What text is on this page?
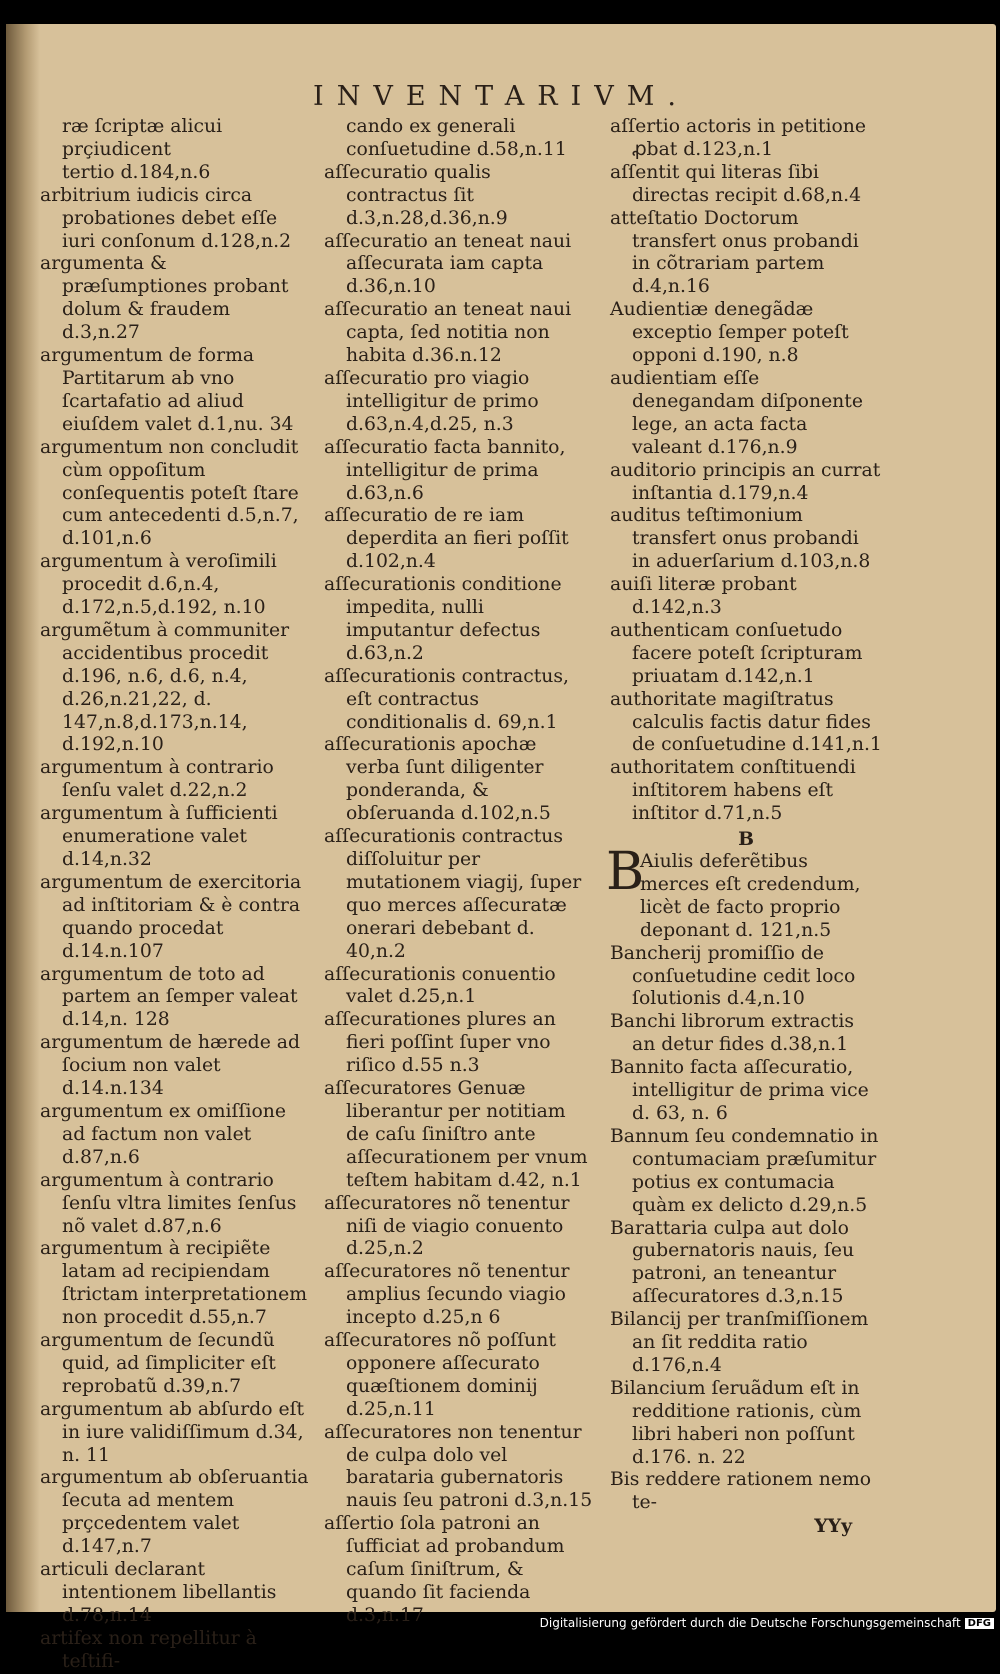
INVENTARIVM.

ræ ſcriptæ alicui prçiudicent

tertio d.184,n.6

arbitrium iudicis circa probationes debet eſſe iuri conſonum d.128,n.2

argumenta & præſumptiones probant dolum & fraudem d.3,n.27

argumentum de forma Partitarum ab vno ſcartafatio ad aliud eiuſdem valet d.1,nu. 34

argumentum non concludit cùm oppoſitum conſequentis poteſt ſtare cum antecedenti d.5,n.7, d.101,n.6

argumentum à veroſimili procedit d.6,n.4, d.172,n.5,d.192, n.10

argumẽtum à communiter accidentibus procedit d.196, n.6, d.6, n.4, d.26,n.21,22, d. 147,n.8,d.173,n.14, d.192,n.10

argumentum à contrario ſenſu valet d.22,n.2

argumentum à ſufficienti enumeratione valet d.14,n.32

argumentum de exercitoria ad inſtitoriam & è contra quando procedat d.14.n.107

argumentum de toto ad partem an ſemper valeat d.14,n. 128

argumentum de hærede ad ſocium non valet d.14.n.134

argumentum ex omiſſione ad factum non valet d.87,n.6

argumentum à contrario ſenſu vltra limites ſenſus nõ valet d.87,n.6

argumentum à recipiẽte latam ad recipiendam ſtrictam interpretationem non procedit d.55,n.7

argumentum de ſecundũ quid, ad ſimpliciter eſt reprobatũ d.39,n.7

argumentum ab abſurdo eſt in iure validiſſimum d.34, n. 11

argumentum ab obſeruantia ſecuta ad mentem prçcedentem valet d.147,n.7

articuli declarant intentionem libellantis d.78,n.14

artifex non repellitur à teſtifi-

cando ex generali conſuetudine d.58,n.11

aſſecuratio qualis contractus ſit d.3,n.28,d.36,n.9

aſſecuratio an teneat naui aſſecurata iam capta d.36,n.10

aſſecuratio an teneat naui capta, ſed notitia non habita d.36.n.12

aſſecuratio pro viagio intelligitur de primo d.63,n.4,d.25, n.3

aſſecuratio facta bannito, intelligitur de prima d.63,n.6

aſſecuratio de re iam deperdita an fieri poſſit d.102,n.4

aſſecurationis conditione impedita, nulli imputantur defectus d.63,n.2

aſſecurationis contractus, eſt contractus conditionalis d. 69,n.1

aſſecurationis apochæ verba ſunt diligenter ponderanda, & obſeruanda d.102,n.5

aſſecurationis contractus diſſoluitur per mutationem viagij, ſuper quo merces aſſecuratæ onerari debebant d. 40,n.2

aſſecurationis conuentio valet d.25,n.1

aſſecurationes plures an fieri poſſint ſuper vno riſico d.55 n.3

aſſecuratores Genuæ liberantur per notitiam de caſu ſiniſtro ante aſſecurationem per vnum teſtem habitam d.42, n.1

aſſecuratores nõ tenentur niſi de viagio conuento d.25,n.2

aſſecuratores nõ tenentur amplius ſecundo viagio incepto d.25,n 6

aſſecuratores nõ poſſunt opponere aſſecurato quæſtionem dominij d.25,n.11

aſſecuratores non tenentur de culpa dolo vel barataria gubernatoris nauis ſeu patroni d.3,n.15

aſſertio ſola patroni an ſufficiat ad probandum caſum ſiniſtrum, & quando ſit facienda d.3,n.17

aſſertio actoris in petitione ꝓbat d.123,n.1

aſſentit qui literas ſibi directas recipit d.68,n.4

atteſtatio Doctorum transfert onus probandi in cõtrariam partem d.4,n.16

Audientiæ denegãdæ exceptio ſemper poteſt opponi d.190, n.8

audientiam eſſe denegandam diſponente lege, an acta facta valeant d.176,n.9

auditorio principis an currat inſtantia d.179,n.4

auditus teſtimonium transfert onus probandi in aduerſarium d.103,n.8

auiſi literæ probant d.142,n.3

authenticam conſuetudo facere poteſt ſcripturam priuatam d.142,n.1

authoritate magiſtratus calculis factis datur fides de conſuetudine d.141,n.1

authoritatem conſtituendi inſtitorem habens eſt inſtitor d.71,n.5

B

B
Aiulis deferẽtibus merces eſt credendum, licèt de facto proprio deponant d. 121,n.5

Bancherij promiſſio de conſuetudine cedit loco ſolutionis d.4,n.10

Banchi librorum extractis an detur fides d.38,n.1

Bannito facta aſſecuratio, intelligitur de prima vice d. 63, n. 6

Bannum ſeu condemnatio in contumaciam præſumitur potius ex contumacia quàm ex delicto d.29,n.5

Barattaria culpa aut dolo gubernatoris nauis, ſeu patroni, an teneantur aſſecuratores d.3,n.15

Bilancij per tranſmiſſionem an ſit reddita ratio d.176,n.4

Bilancium ſeruãdum eſt in redditione rationis, cùm libri haberi non poſſunt d.176. n. 22

Bis reddere rationem nemo te-

YYy

Digitalisierung gefördert durch die Deutsche Forschungsgemeinschaft DFG
